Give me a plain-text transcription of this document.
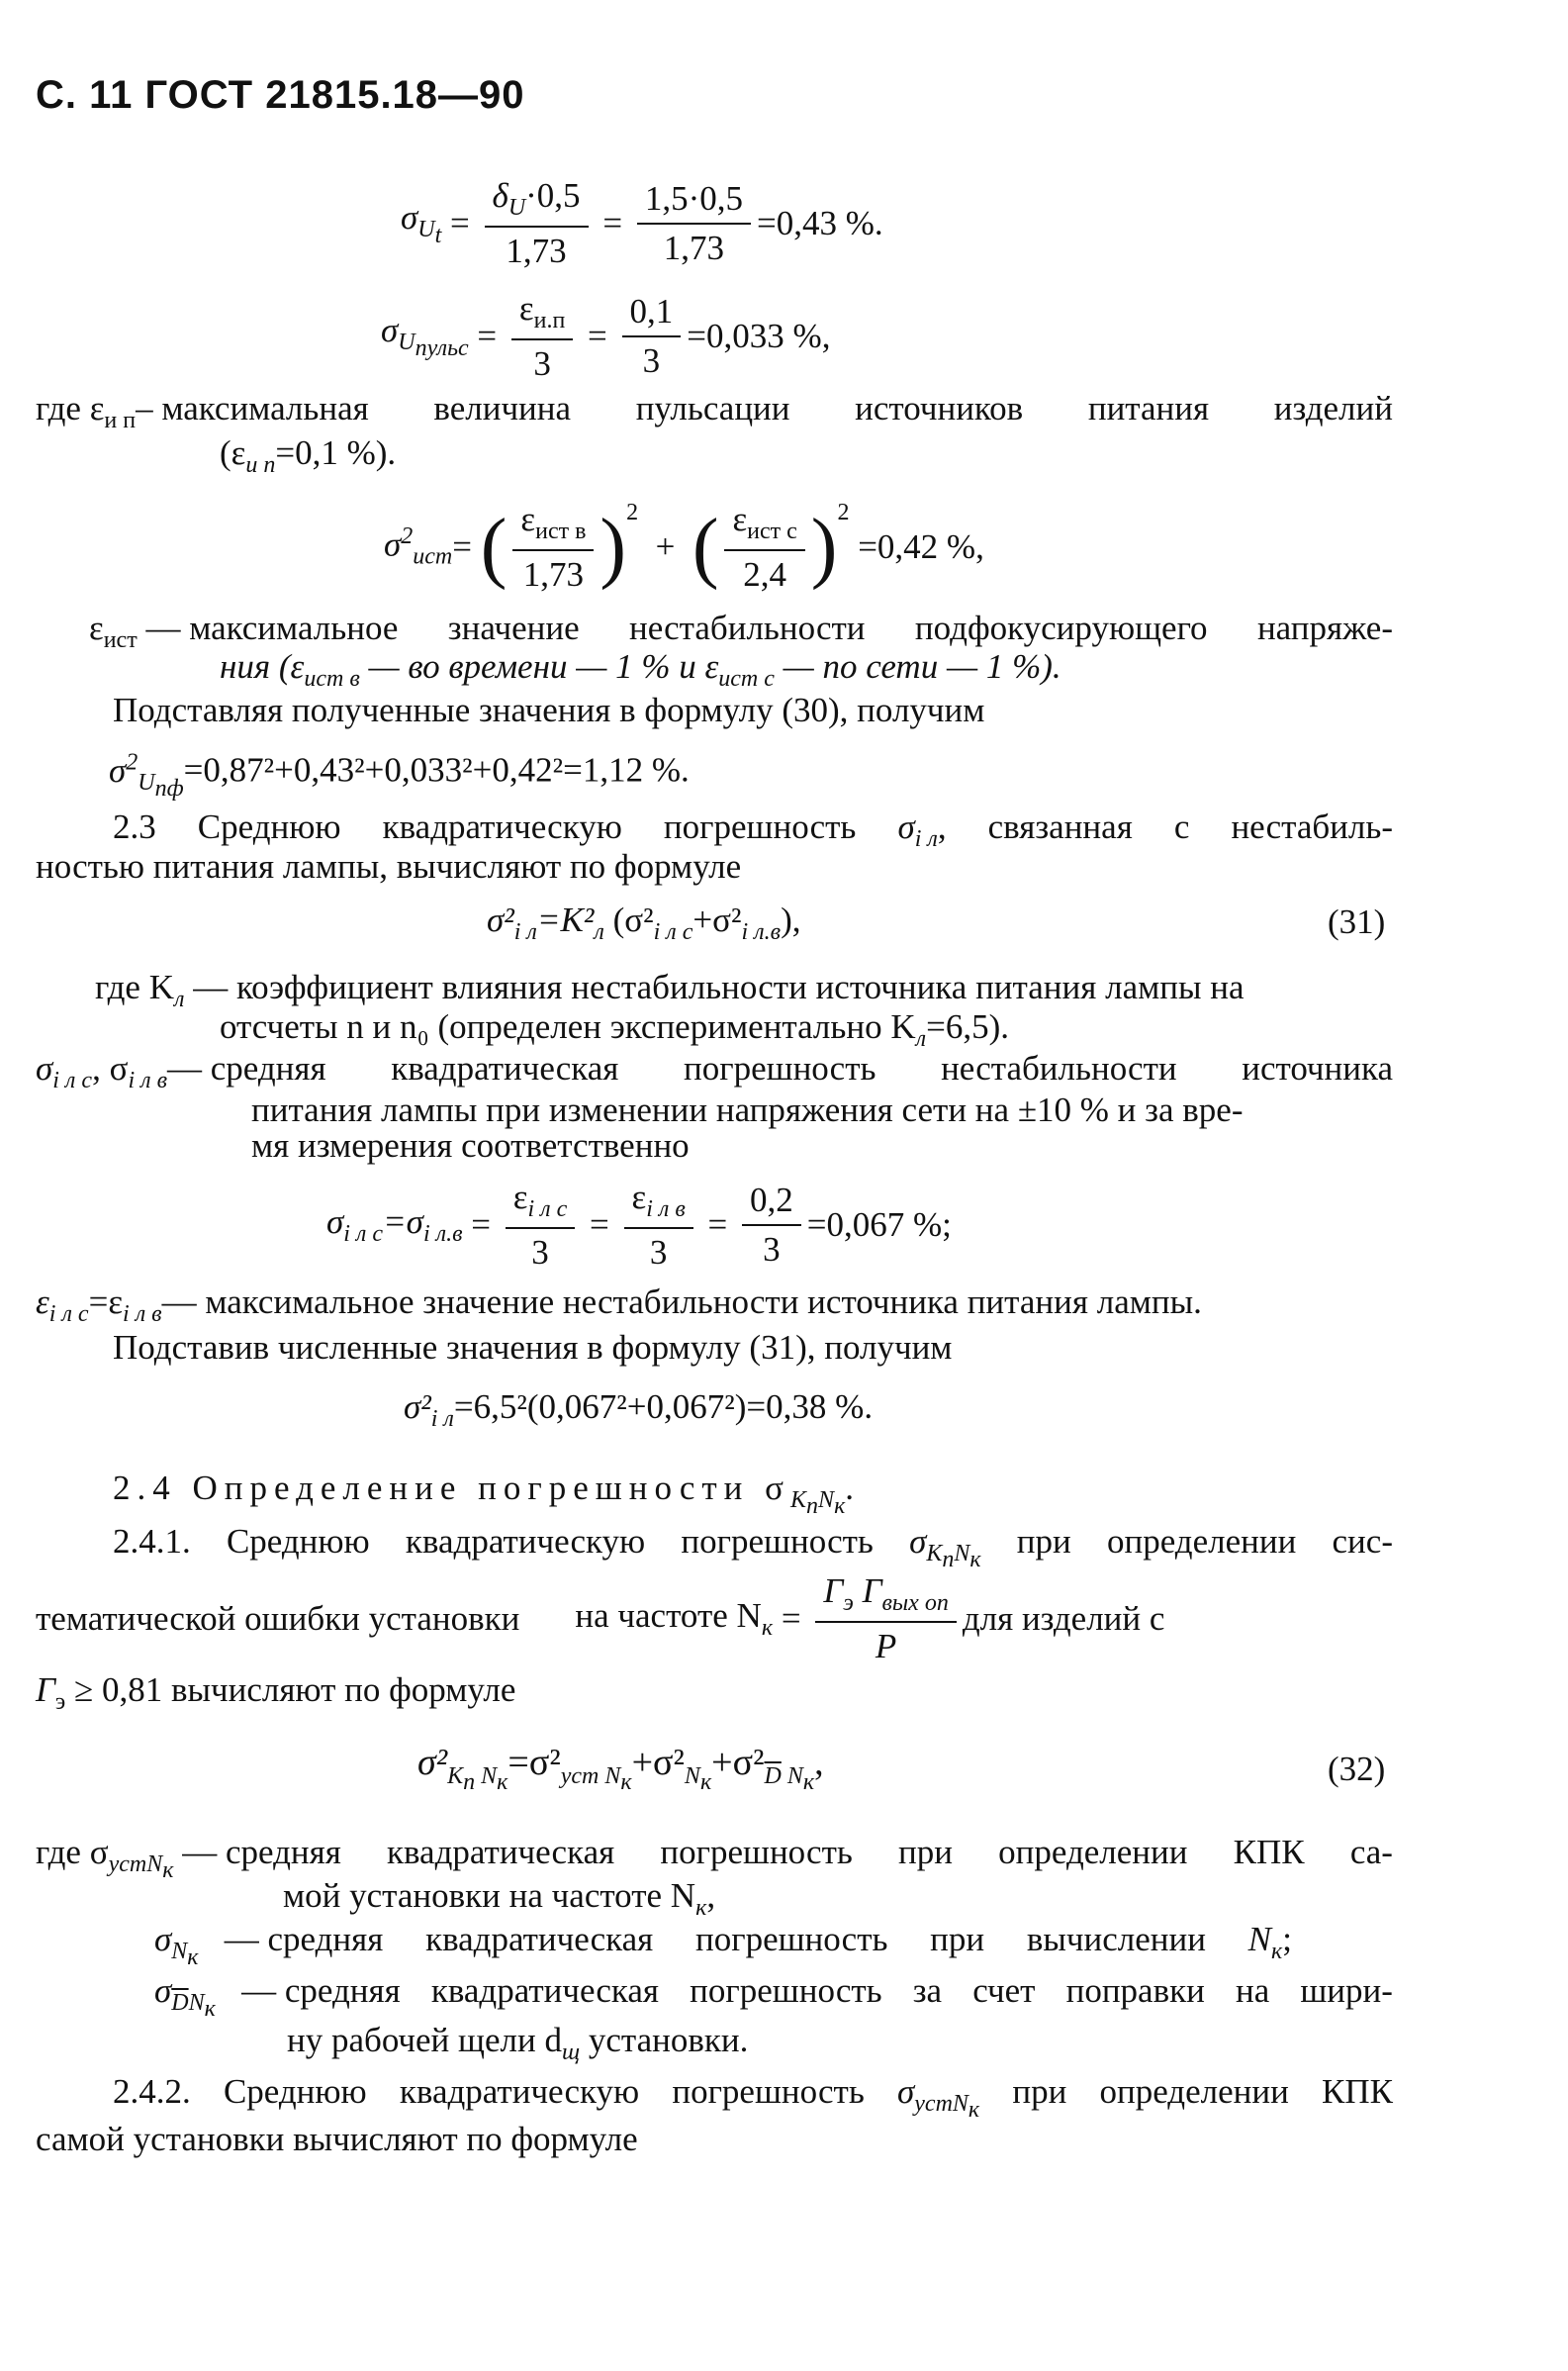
С. 11 ГОСТ 21815.18—90
$\sigma_{U_t} = \frac{\delta_U\cdot 0,5}{1,73} = \frac{1,5\cdot 0,5}{1,73} =0,43$ %.
$\sigma_{U_{пульс}} = \frac{\varepsilon_{и.п}}{3} = \frac{0,1}{3} =0,033$ %,
где $\varepsilon_{и п}-$ максимальная величина пульсации источников питания изделий
($\varepsilon_{и п}=0,1$ %).
$\sigma^2_{ист}$ = ( $\frac{\varepsilon_{ист в}}{1,73} )^2$

+
( $\frac{\varepsilon_{ист с}}{2,4} )^2$

=0,42 %,
$\varepsilon_{ист}$ — максимальное значение нестабильности подфокусирующего напряже-
ния ($\varepsilon_{ист в}$ — во времени — 1 % и $\varepsilon_{ист с}$ — по сети — 1 %).
Подставляя полученные значения в формулу (30), получим
$\sigma^2_{U_{пф}}=0,87^2+0,43^2+0,033^2+0,42^2=1,12$ %.
2.3 Среднюю квадратическую погрешность $\sigma_{i л}$, связанная с нестабиль-
ностью питания лампы, вычисляют по формуле
$\sigma^2_{i л}=K^2_л$ $(\sigma^2_{i л с}+\sigma^2_{i л.в})$,	(31)
где $K_л$ — коэффициент влияния нестабильности источника питания лампы на
отсчеты n и n₀ (определен экспериментально $K_л=6,5$).
$\sigma_{i л с}$, $\sigma_{i л в}—$ средняя квадратическая погрешность нестабильности источника
питания лампы при изменении напряжения сети на ±10 % и за вре-
мя измерения соответственно
$\sigma_{i л с}=\sigma_{i л.в} = \frac{\varepsilon_{i л с}}{3} = \frac{\varepsilon_{i л в}}{3} = \frac{0,2}{3} =0,067$ %;
$\varepsilon_{i л с}=\varepsilon_{i л в}—$ максимальное значение нестабильности источника питания лампы.
Подставив численные значения в формулу (31), получим
$\sigma^2_{i л}=6,5^2(0,067^2+0,067^2)=0,38$ %.
2.4 Определение погрешности $\sigma_{K_пN_к}$.
2.4.1. Среднюю квадратическую погрешность $\sigma_{K_пN_к}$ при определении сис-
тематической ошибки установки на частоте $N_к = \frac{Г_э Г_{вых оп}}{P}$ для изделий с
$Г_э \ge 0,81$ вычисляют по формуле
$\sigma^2_{K_п N_к}=\sigma^2_{уст N_к}+\sigma^2_{N_к}+\sigma^2_{\overline{D} N_к}$,	(32)
где $\sigma_{устN_к}$ — средняя квадратическая погрешность при определении КПК са-
мой установки на частоте $N_к$,
$\sigma_{N_к}$ — средняя квадратическая погрешность при вычислении $N_к$;
$\sigma_{\overline{D}N_к}$ — средняя квадратическая погрешность за счет поправки на шири-
ну рабочей щели $d_щ$ установки.
2.4.2. Среднюю квадратическую погрешность $\sigma_{устN_к}$ при определении КПК
самой установки вычисляют по формуле
